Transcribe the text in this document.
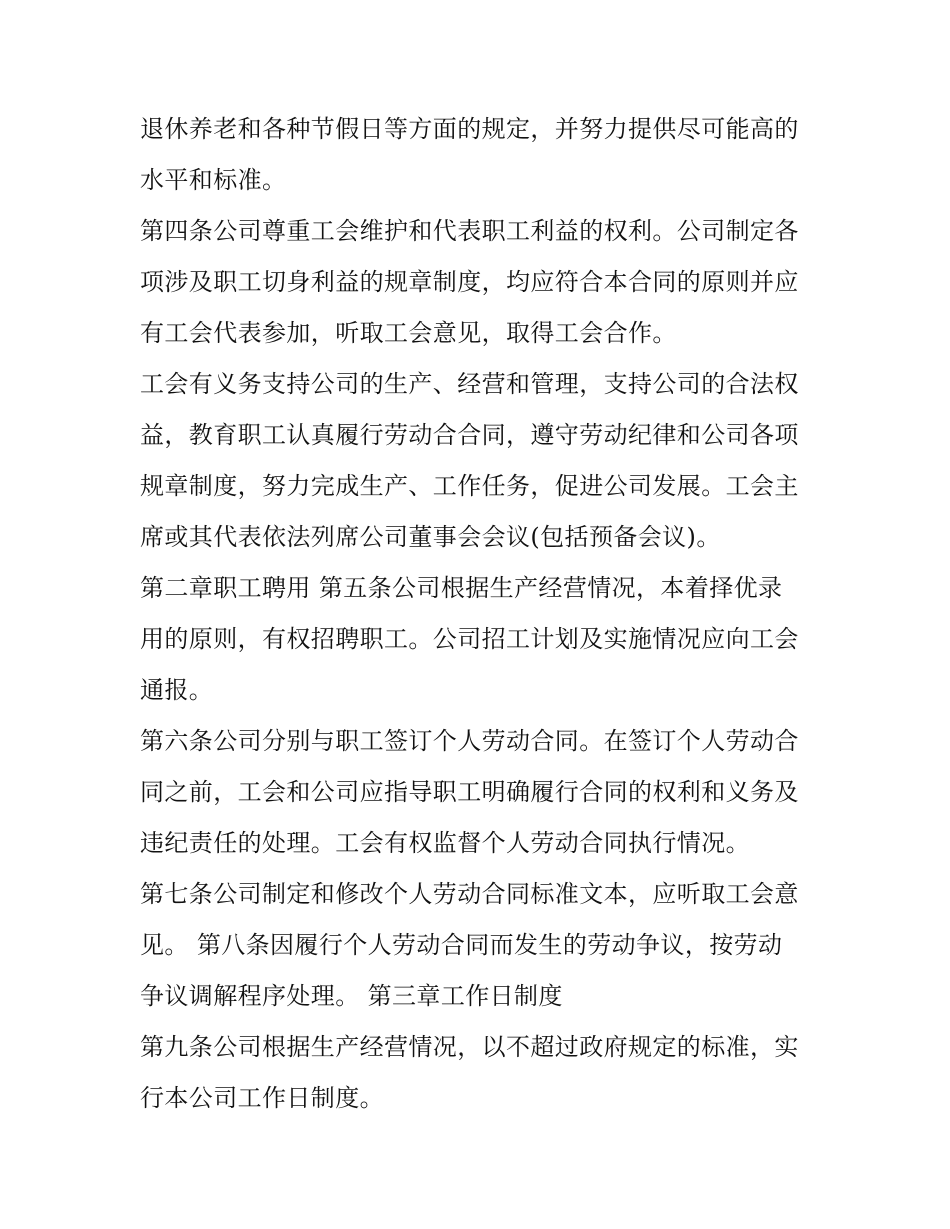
退休养老和各种节假日等方面的规定，并努力提供尽可能高的
水平和标准。
第四条公司尊重工会维护和代表职工利益的权利。公司制定各
项涉及职工切身利益的规章制度，均应符合本合同的原则并应
有工会代表参加，听取工会意见，取得工会合作。
工会有义务支持公司的生产、经营和管理，支持公司的合法权
益，教育职工认真履行劳动合合同，遵守劳动纪律和公司各项
规章制度，努力完成生产、工作任务，促进公司发展。工会主
席或其代表依法列席公司董事会会议(包括预备会议)。
第二章职工聘用 第五条公司根据生产经营情况，本着择优录
用的原则，有权招聘职工。公司招工计划及实施情况应向工会
通报。
第六条公司分别与职工签订个人劳动合同。在签订个人劳动合
同之前，工会和公司应指导职工明确履行合同的权利和义务及
违纪责任的处理。工会有权监督个人劳动合同执行情况。
第七条公司制定和修改个人劳动合同标准文本，应听取工会意
见。 第八条因履行个人劳动合同而发生的劳动争议，按劳动
争议调解程序处理。 第三章工作日制度
第九条公司根据生产经营情况，以不超过政府规定的标准，实
行本公司工作日制度。
